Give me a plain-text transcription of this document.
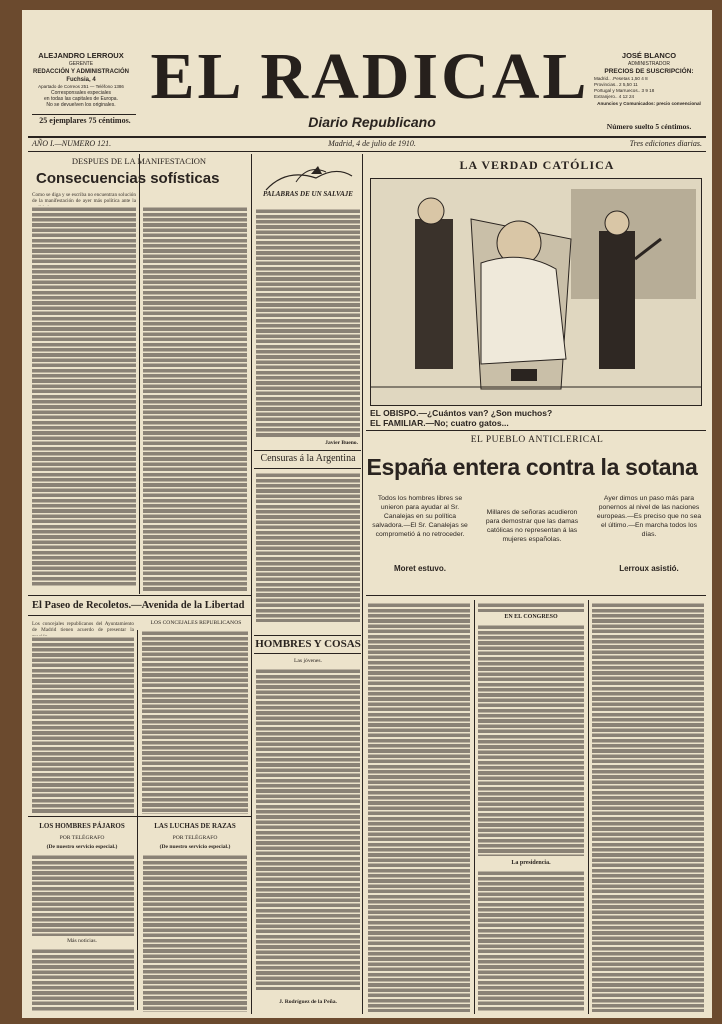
ALEJANDRO LERROUX
GERENTE
REDACCIÓN Y ADMINISTRACIÓN
Fuchsia, 4
Apartado de Correos 251 — Teléfono 1386
Corresponsales especiales
en todas las capitales de Europa.
No se devuelven los originales.
25 ejemplares 75 céntimos.
EL RADICAL
Diario Republicano
JOSÉ BLANCO
ADMINISTRADOR
PRECIOS DE SUSCRIPCIÓN:
Madrid.. .Pesetas 1,50 4 8
Provincias.. 2 5,50 11
Portugal y Marruecos.. 3 9 18
Extranjero.. 4 12 24
Anuncios y Comunicados: precio convencional
Número suelto 5 céntimos.
AÑO I.—NUMERO 121.	Madrid, 4 de julio de 1910.	Tres ediciones diarias.
DESPUES DE LA MANIFESTACION
Consecuencias sofísticas
Como se diga y se escriba no encuentran solución de la manifestación de ayer más política ante la
El Paseo de Recoletos.—Avenida de la Libertad
LOS CONCEJALES REPUBLICANOS
Los concejales republicanos del Ayuntamiento de Madrid tienen acuerdo de presentar la
LOS HOMBRES PÁJAROS
POR TELÉGRAFO
(De nuestro servicio especial.)
Más noticias.
LAS LUCHAS DE RAZAS
POR TELÉGRAFO
(De nuestro servicio especial.)
PALABRAS DE UN SALVAJE
Javier Bueno.
Censuras á la Argentina
HOMBRES Y COSAS
Las jóvenes.
J. Rodríguez de la Peña.
LA VERDAD CATÓLICA
EL OBISPO.—¿Cuántos van? ¿Son muchos?
EL FAMILIAR.—No; cuatro gatos...
EL PUEBLO ANTICLERICAL
España entera contra la sotana
Todos los hombres libres se unieron para ayudar al Sr. Canalejas en su política salvadora.—El Sr. Canalejas se comprometió á no retroceder.
Moret estuvo.
Millares de señoras acudieron para demostrar que las damas católicas no representan á las mujeres españolas.
Ayer dimos un paso más para ponernos al nivel de las naciones europeas.—Es preciso que no sea el último.—En marcha todos los días.
Lerroux asistió.
EN EL CONGRESO
La presidencia.
